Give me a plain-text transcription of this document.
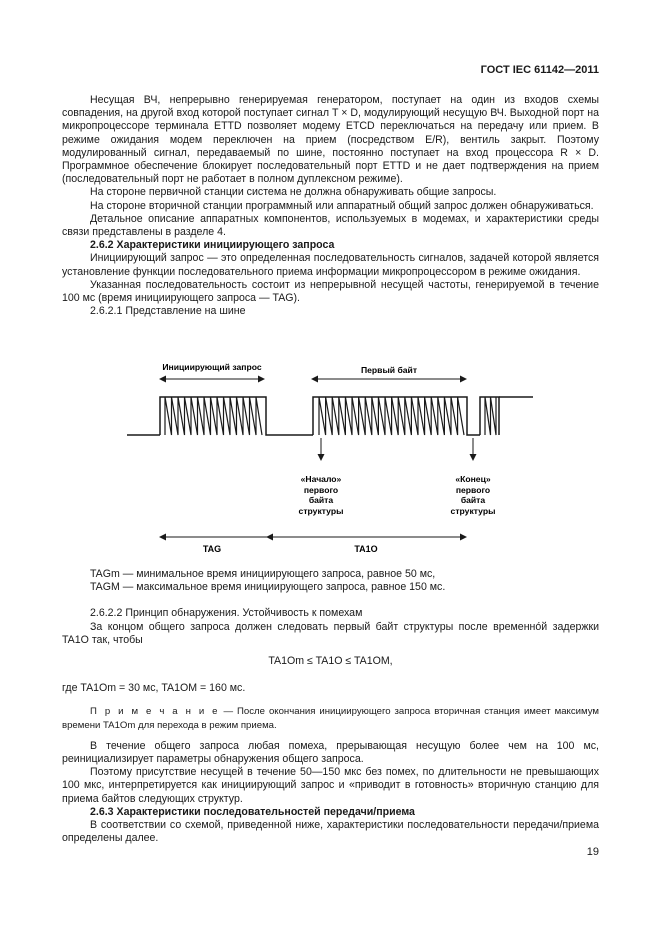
ГОСТ IEC 61142—2011

Несущая ВЧ, непрерывно генерируемая генератором, поступает на один из входов схемы совпадения, на другой вход которой поступает сигнал T × D, модулирующий несущую ВЧ. Выходной порт на микропроцессоре терминала ETTD позволяет модему ETCD переключаться на передачу или прием. В режиме ожидания модем переключен на прием (посредством E/R), вентиль закрыт. Поэтому модулированный сигнал, передаваемый по шине, постоянно поступает на вход процессора R × D. Программное обеспечение блокирует последовательный порт ETTD и не дает подтверждения на прием (последовательный порт не работает в полном дуплексном режиме).

На стороне первичной станции система не должна обнаруживать общие запросы.

На стороне вторичной станции программный или аппаратный общий запрос должен обнаруживаться.

Детальное описание аппаратных компонентов, используемых в модемах, и характеристики среды связи представлены в разделе 4.

2.6.2 Характеристики инициирующего запроса

Инициирующий запрос — это определенная последовательность сигналов, задачей которой является установление функции последовательного приема информации микропроцессором в режиме ожидания.

Указанная последовательность состоит из непрерывной несущей частоты, генерируемой в течение 100 мс (время инициирующего запроса — TAG).

2.6.2.1 Представление на шине

Инициирующий запрос	Первый байт
«Начало»
первого
байта
структуры
«Конец»
первого
байта
структуры
TAG	TA1O

TAGm — минимальное время инициирующего запроса, равное 50 мс,

TAGM — максимальное время инициирующего запроса, равное 150 мс.

2.6.2.2 Принцип обнаружения. Устойчивость к помехам

За концом общего запроса должен следовать первый байт структуры после временнóй задержки TA1O так, чтобы

TA1Om ≤ TA1O ≤ TA1OM,

где TA1Om = 30 мс, TA1OM = 160 мс.

П р и м е ч а н и е — После окончания инициирующего запроса вторичная станция имеет максимум времени TA1Om для перехода в режим приема.

В течение общего запроса любая помеха, прерывающая несущую более чем на 100 мс, реинициализирует параметры обнаружения общего запроса.

Поэтому присутствие несущей в течение 50—150 мкс без помех, по длительности не превышающих 100 мкс, интерпретируется как инициирующий запрос и «приводит в готовность» вторичную станцию для приема байтов следующих структур.

2.6.3 Характеристики последовательностей передачи/приема

В соответствии со схемой, приведенной ниже, характеристики последовательности передачи/приема определены далее.

19
